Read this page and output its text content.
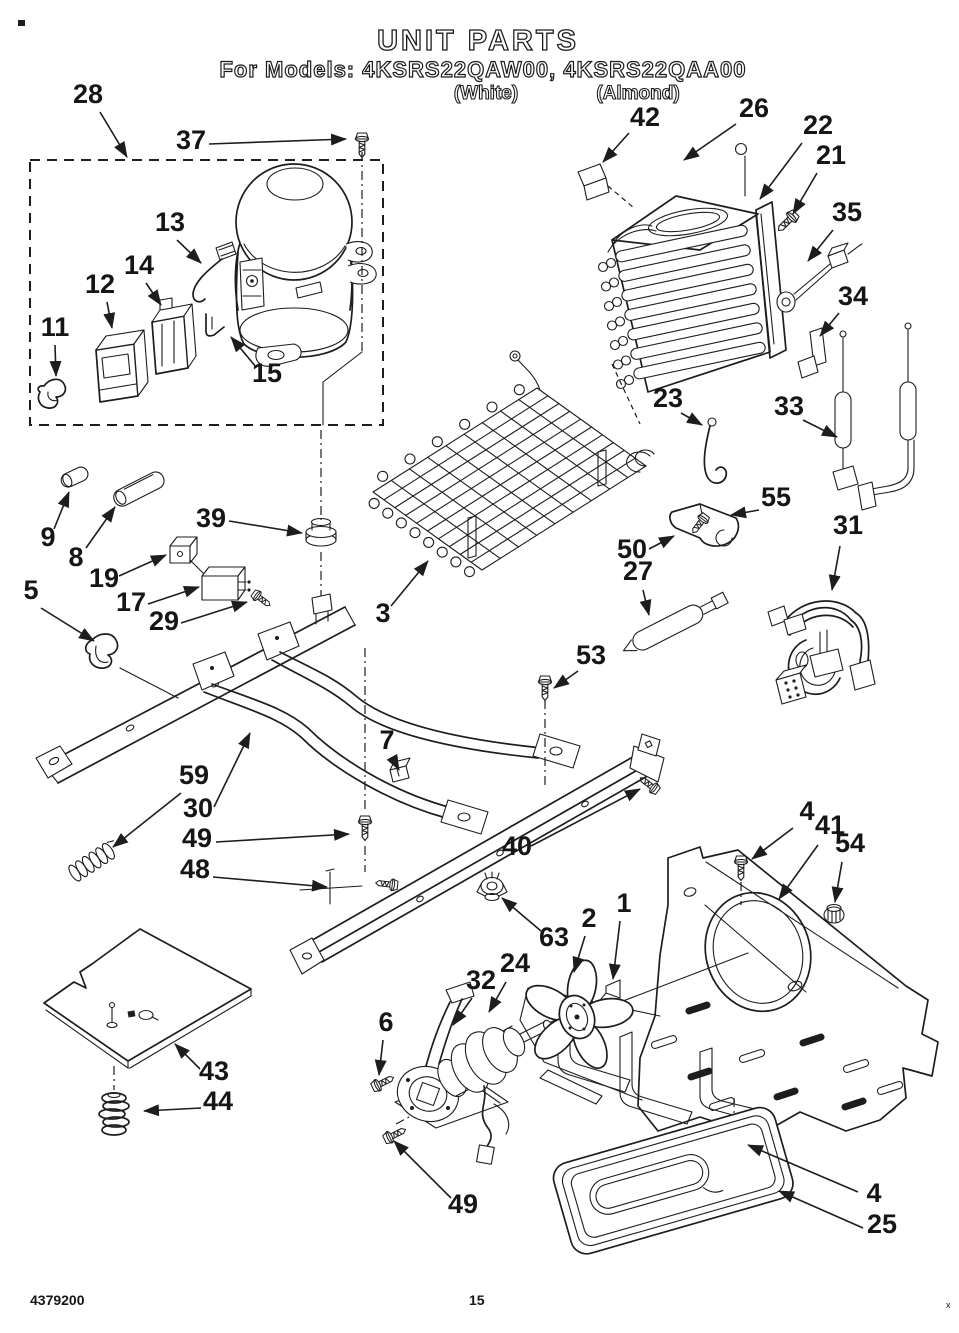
28
37
13
14
12
11
15
42	26
22
21
35
34
23	33
9
8
39
19
17
29
5
3
55
50
27
31
53
59
30
49
48
7
40
63
2 1
4 41
54
32
24
6
43
44
49	4
25
UNIT PARTS
For Models: 4KSRS22QAW00, 4KSRS22QAA00
(White)	(Almond)
4379200	15	x
